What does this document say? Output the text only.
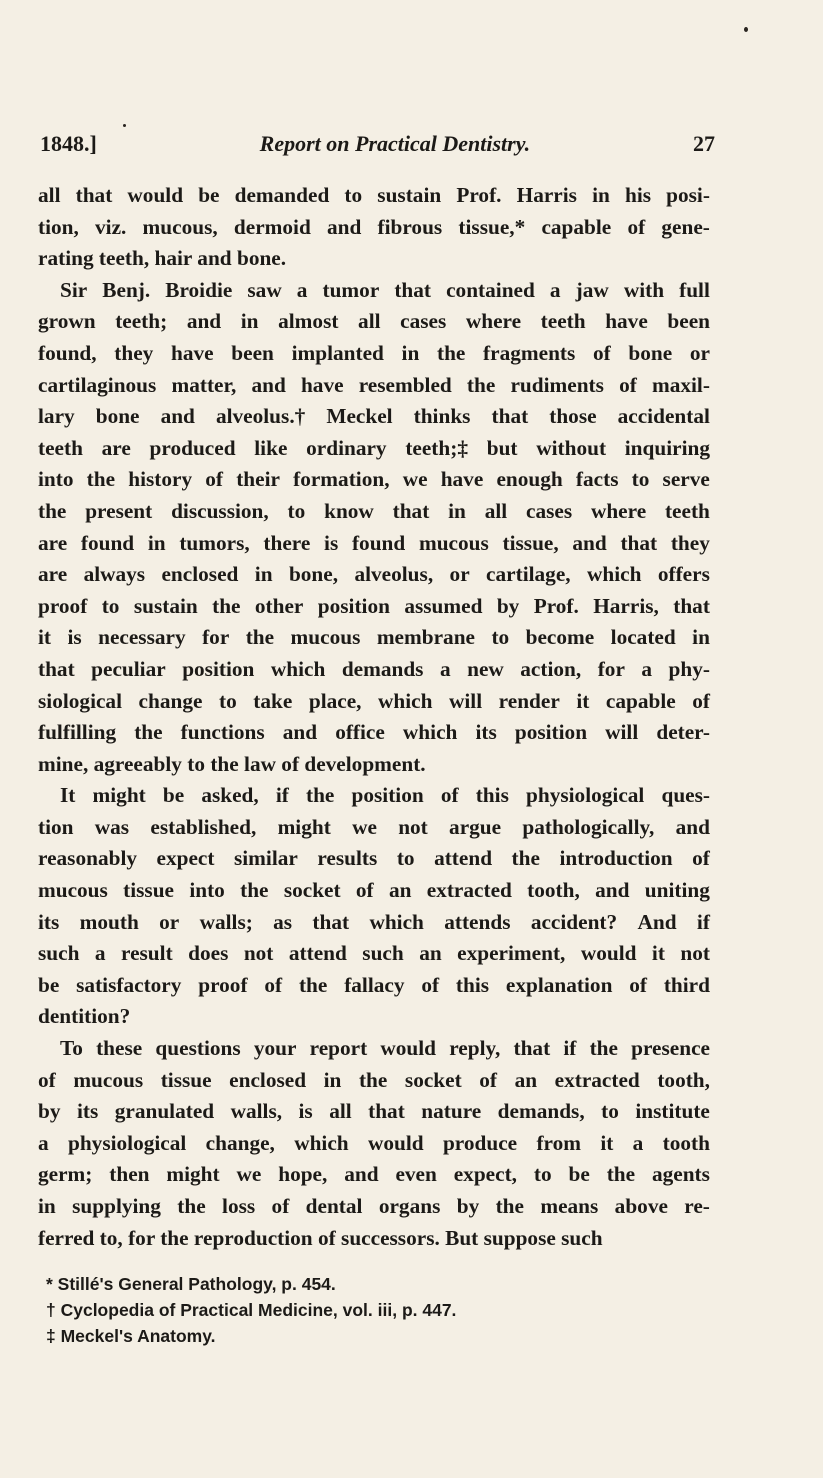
1848.]	Report on Practical Dentistry.	27
all that would be demanded to sustain Prof. Harris in his posi-
tion, viz. mucous, dermoid and fibrous tissue,* capable of gene-
rating teeth, hair and bone.
Sir Benj. Broidie saw a tumor that contained a jaw with full
grown teeth; and in almost all cases where teeth have been
found, they have been implanted in the fragments of bone or
cartilaginous matter, and have resembled the rudiments of maxil-
lary bone and alveolus.† Meckel thinks that those accidental
teeth are produced like ordinary teeth;‡ but without inquiring
into the history of their formation, we have enough facts to serve
the present discussion, to know that in all cases where teeth
are found in tumors, there is found mucous tissue, and that they
are always enclosed in bone, alveolus, or cartilage, which offers
proof to sustain the other position assumed by Prof. Harris, that
it is necessary for the mucous membrane to become located in
that peculiar position which demands a new action, for a phy-
siological change to take place, which will render it capable of
fulfilling the functions and office which its position will deter-
mine, agreeably to the law of development.
It might be asked, if the position of this physiological ques-
tion was established, might we not argue pathologically, and
reasonably expect similar results to attend the introduction of
mucous tissue into the socket of an extracted tooth, and uniting
its mouth or walls; as that which attends accident? And if
such a result does not attend such an experiment, would it not
be satisfactory proof of the fallacy of this explanation of third
dentition?
To these questions your report would reply, that if the presence
of mucous tissue enclosed in the socket of an extracted tooth,
by its granulated walls, is all that nature demands, to institute
a physiological change, which would produce from it a tooth
germ; then might we hope, and even expect, to be the agents
in supplying the loss of dental organs by the means above re-
ferred to, for the reproduction of successors. But suppose such
* Stillé's General Pathology, p. 454.
† Cyclopedia of Practical Medicine, vol. iii, p. 447.
‡ Meckel's Anatomy.
